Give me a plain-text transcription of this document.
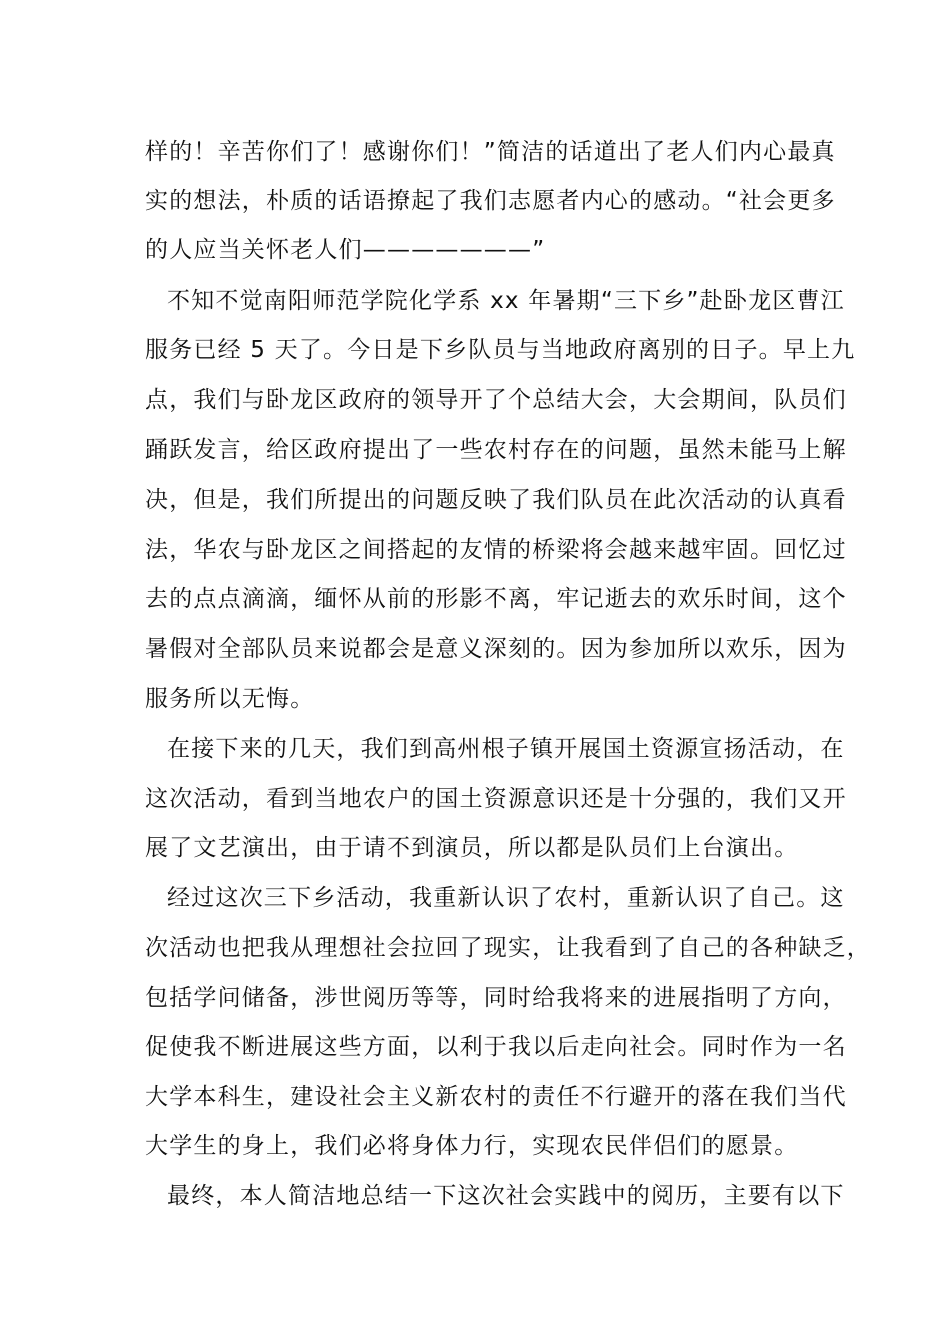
样的！辛苦你们了！感谢你们！”简洁的话道出了老人们内心最真
实的想法，朴质的话语撩起了我们志愿者内心的感动。“社会更多
的人应当关怀老人们———————”
不知不觉南阳师范学院化学系 xx 年暑期“三下乡”赴卧龙区曹江
服务已经 5 天了。今日是下乡队员与当地政府离别的日子。早上九
点，我们与卧龙区政府的领导开了个总结大会，大会期间，队员们
踊跃发言，给区政府提出了一些农村存在的问题，虽然未能马上解
决，但是，我们所提出的问题反映了我们队员在此次活动的认真看
法，华农与卧龙区之间搭起的友情的桥梁将会越来越牢固。回忆过
去的点点滴滴，缅怀从前的形影不离，牢记逝去的欢乐时间，这个
暑假对全部队员来说都会是意义深刻的。因为参加所以欢乐，因为
服务所以无悔。
在接下来的几天，我们到高州根子镇开展国土资源宣扬活动，在
这次活动，看到当地农户的国土资源意识还是十分强的，我们又开
展了文艺演出，由于请不到演员，所以都是队员们上台演出。
经过这次三下乡活动，我重新认识了农村，重新认识了自己。这
次活动也把我从理想社会拉回了现实，让我看到了自己的各种缺乏，
包括学问储备，涉世阅历等等，同时给我将来的进展指明了方向，
促使我不断进展这些方面，以利于我以后走向社会。同时作为一名
大学本科生，建设社会主义新农村的责任不行避开的落在我们当代
大学生的身上，我们必将身体力行，实现农民伴侣们的愿景。
最终，本人简洁地总结一下这次社会实践中的阅历，主要有以下
